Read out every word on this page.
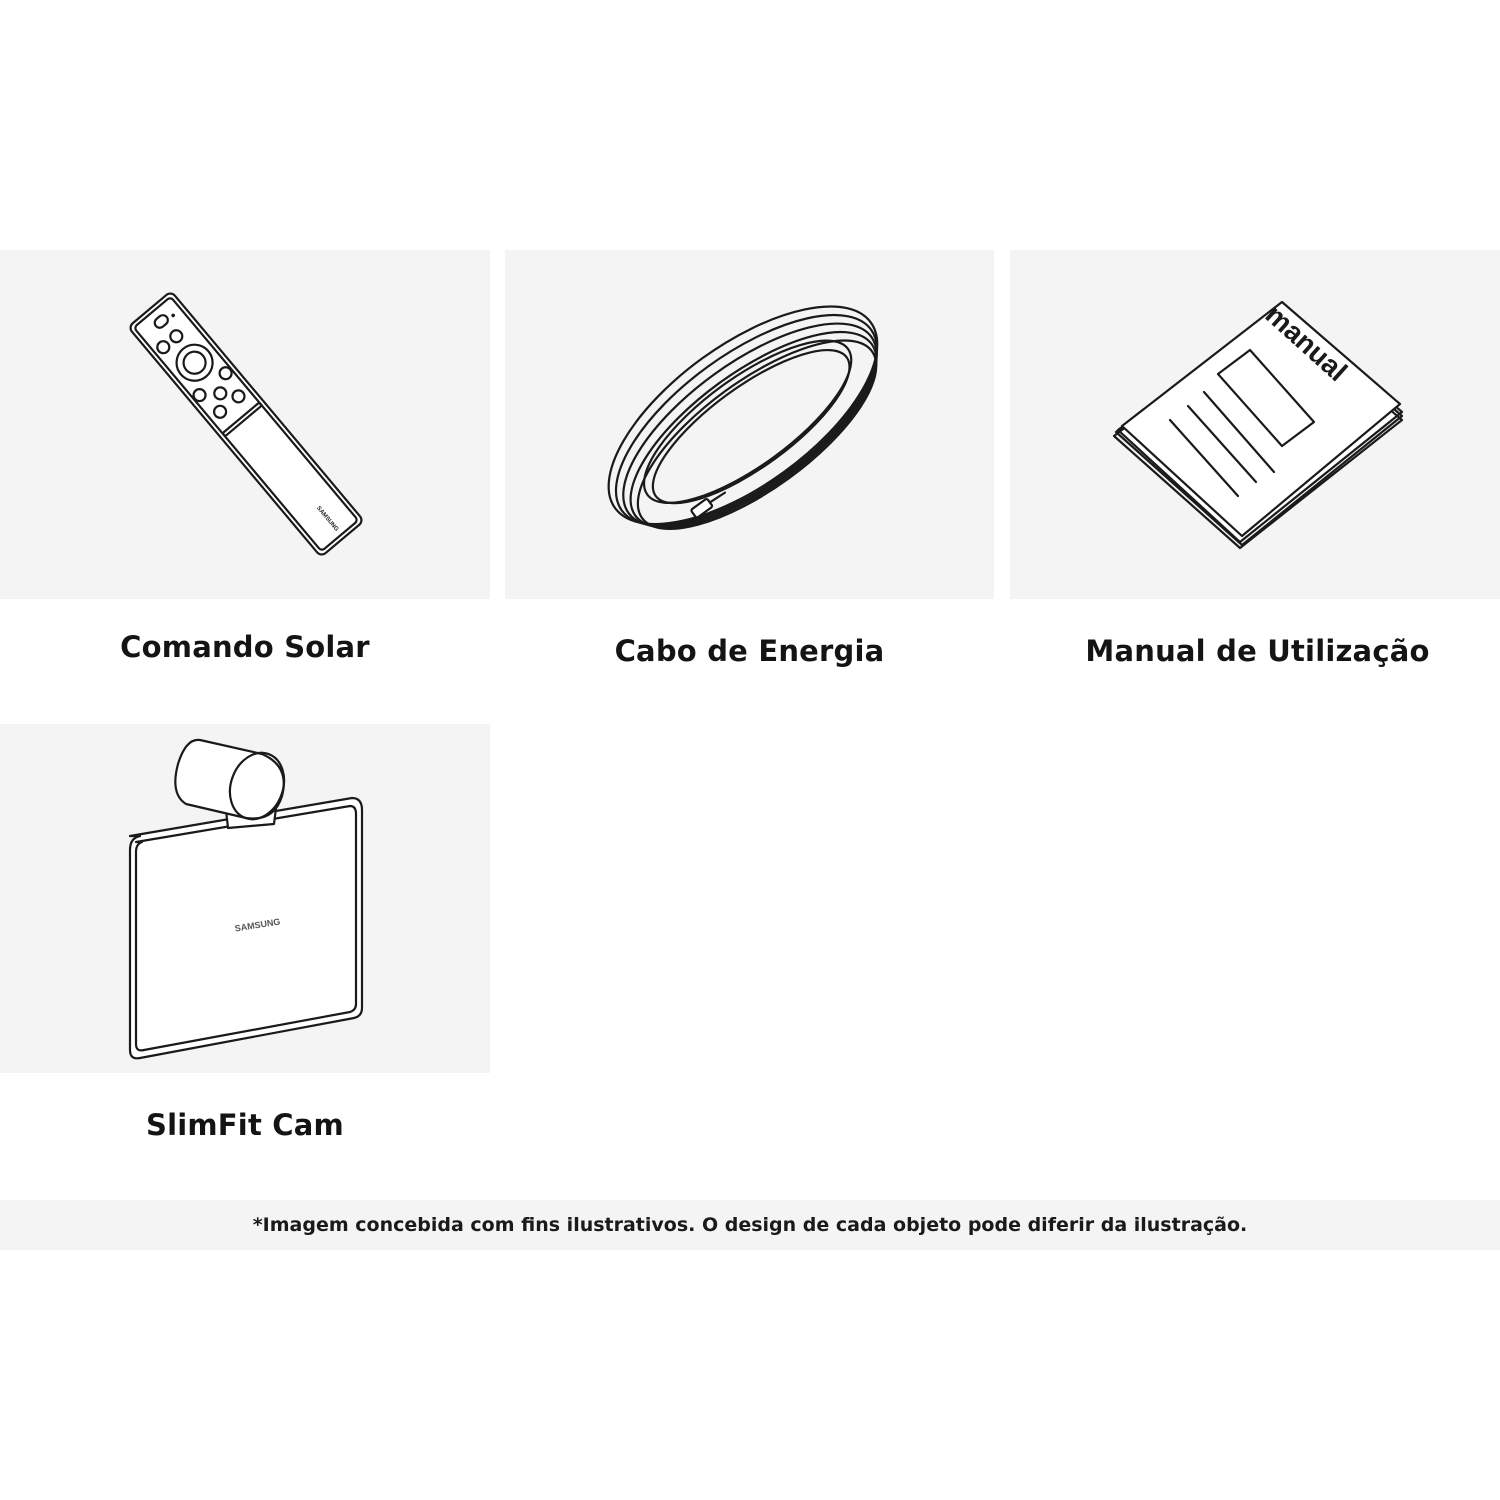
SAMSUNG
Comando Solar	Cabo de Energia
manual
Manual de Utilização
SAMSUNG
SlimFit Cam
*Imagem concebida com fins ilustrativos. O design de cada objeto pode diferir da ilustração.
